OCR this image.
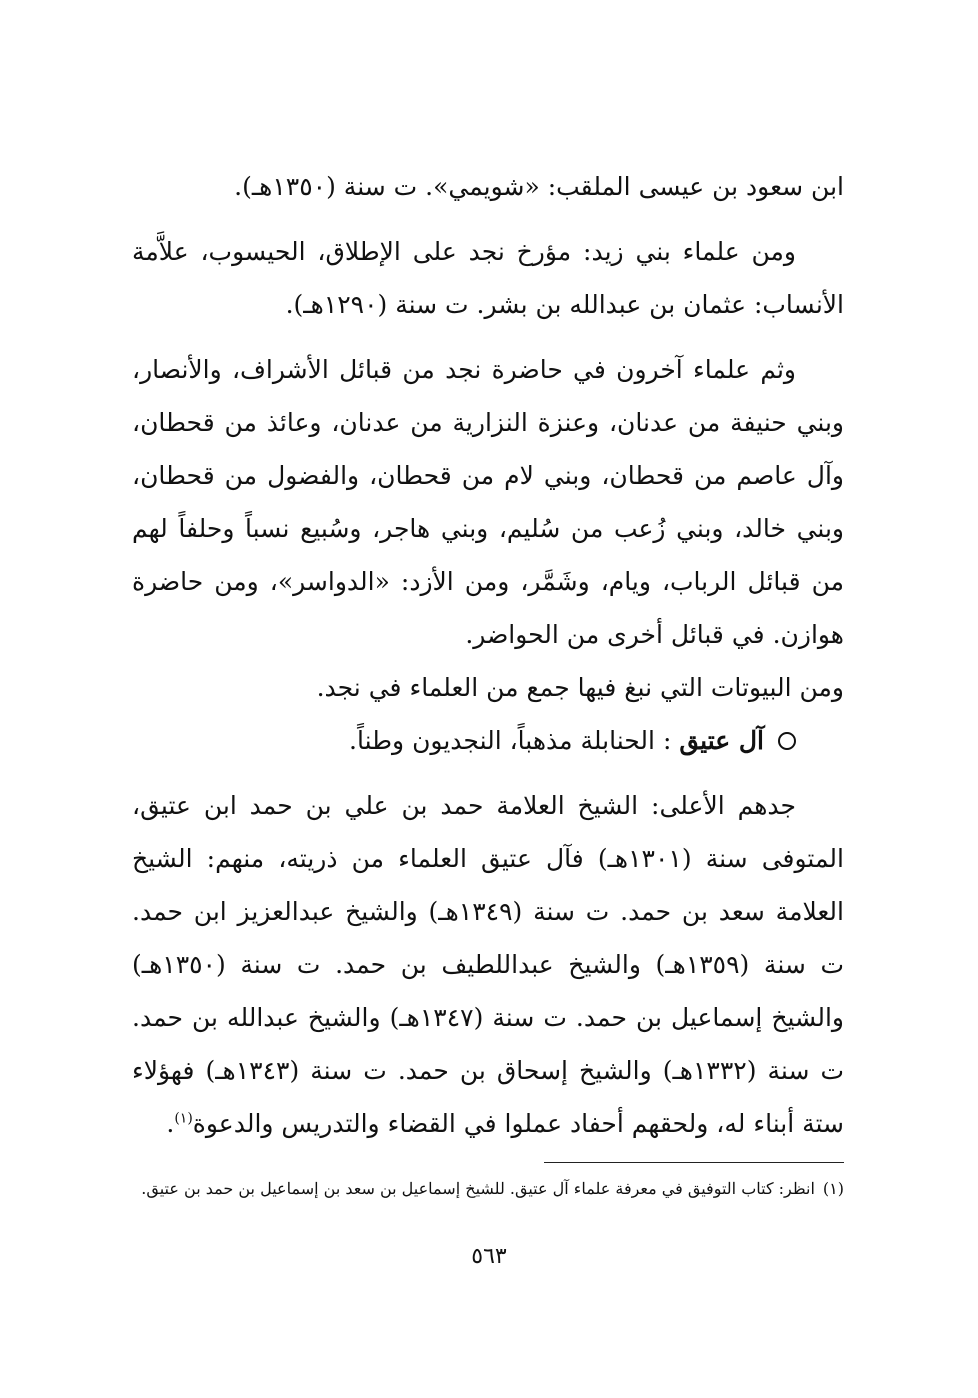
ابن سعود بن عيسى الملقب: «شويمي». ت سنة (١٣٥٠هـ).

ومن علماء بني زيد: مؤرخ نجد على الإطلاق، الحيسوب، علاَّمة الأنساب: عثمان بن عبدالله بن بشر. ت سنة (١٢٩٠هـ).

وثم علماء آخرون في حاضرة نجد من قبائل الأشراف، والأنصار، وبني حنيفة من عدنان، وعنزة النزارية من عدنان، وعائذ من قحطان، وآل عاصم من قحطان، وبني لام من قحطان، والفضول من قحطان، وبني خالد، وبني زُعب من سُليم، وبني هاجر، وسُبيع نسباً وحلفاً لهم من قبائل الرباب، ويام، وشَمَّر، ومن الأزد: «الدواسر»، ومن حاضرة هوازن. في قبائل أخرى من الحواضر.

ومن البيوتات التي نبغ فيها جمع من العلماء في نجد.

آل عتيق : الحنابلة مذهباً، النجديون وطناً.

جدهم الأعلى: الشيخ العلامة حمد بن علي بن حمد ابن عتيق، المتوفى سنة (١٣٠١هـ) فآل عتيق العلماء من ذريته، منهم: الشيخ العلامة سعد بن حمد. ت سنة (١٣٤٩هـ) والشيخ عبدالعزيز ابن حمد. ت سنة (١٣٥٩هـ) والشيخ عبداللطيف بن حمد. ت سنة (١٣٥٠هـ) والشيخ إسماعيل بن حمد. ت سنة (١٣٤٧هـ) والشيخ عبدالله بن حمد. ت سنة (١٣٣٢هـ) والشيخ إسحاق بن حمد. ت سنة (١٣٤٣هـ) فهؤلاء ستة أبناء له، ولحقهم أحفاد عملوا في القضاء والتدريس والدعوة$^{(١)}$.

(١)انظر: كتاب التوفيق في معرفة علماء آل عتيق. للشيخ إسماعيل بن سعد بن إسماعيل بن حمد بن عتيق.
٥٦٣
